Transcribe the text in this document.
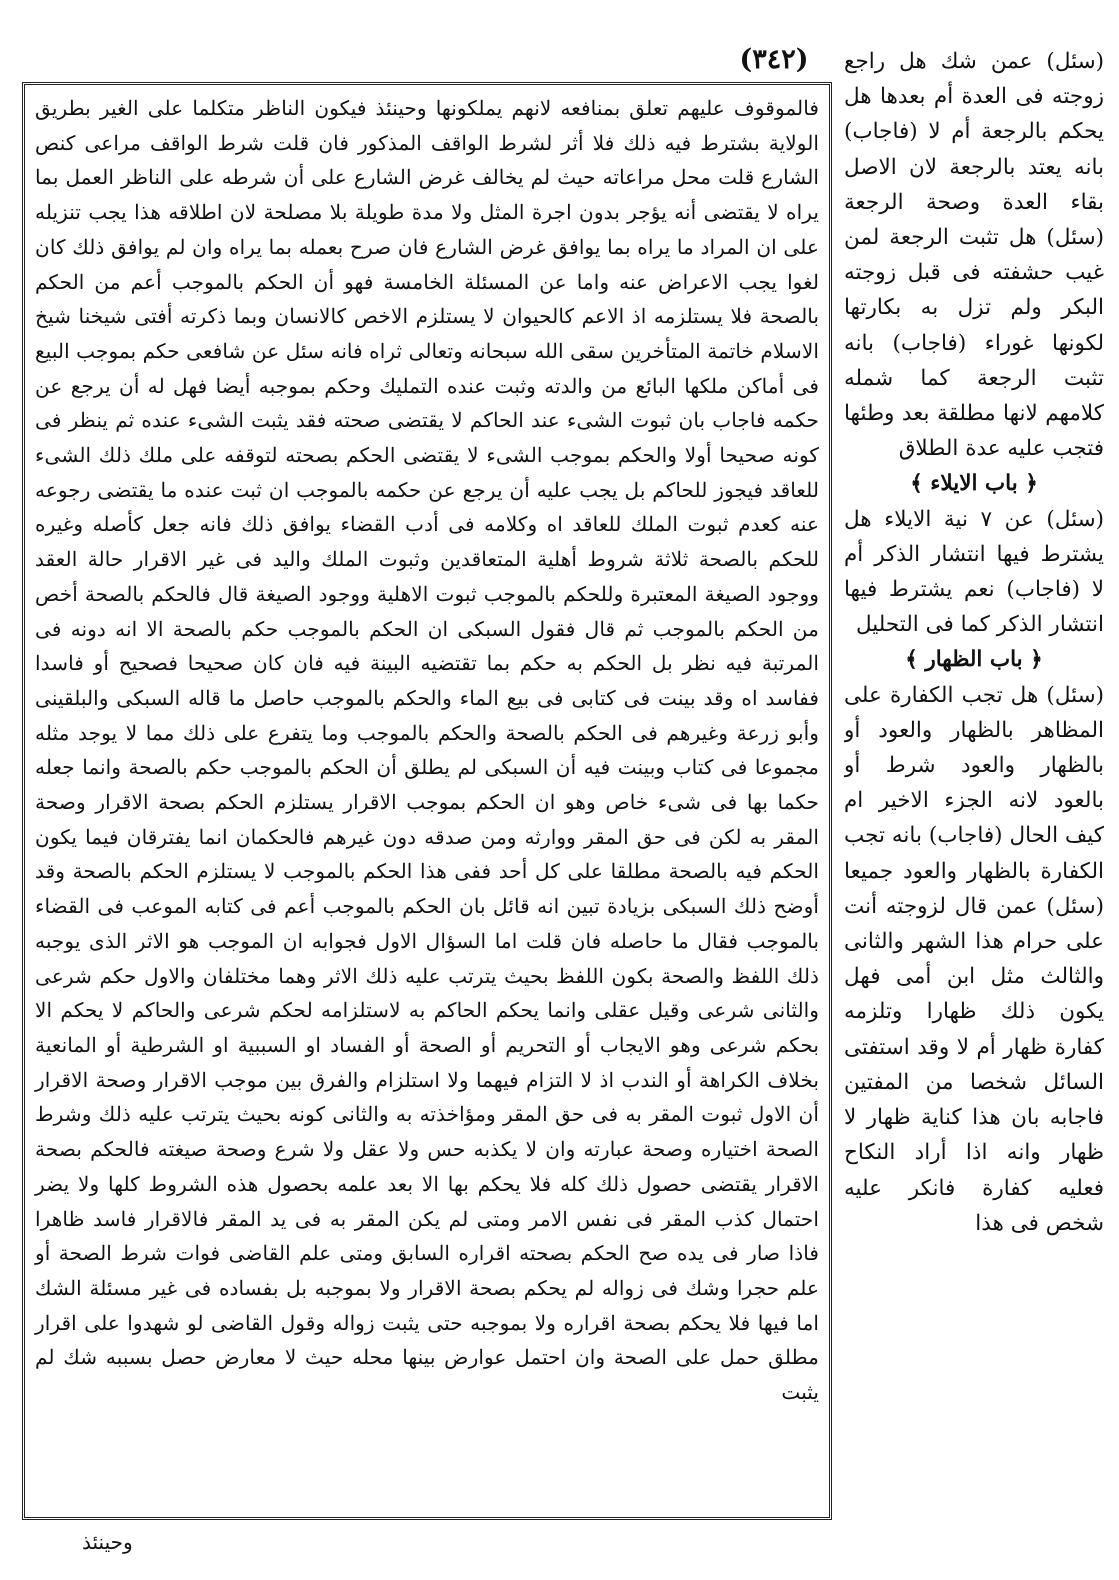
(٣٤٢)

فالموقوف عليهم تعلق بمنافعه لانهم يملكونها وحينئذ فيكون الناظر متكلما على الغير بطريق الولاية بشترط فيه ذلك فلا أثر لشرط الواقف المذكور فان قلت شرط الواقف مراعى كنص الشارع قلت محل مراعاته حيث لم يخالف غرض الشارع على أن شرطه على الناظر العمل بما يراه لا يقتضى أنه يؤجر بدون اجرة المثل ولا مدة طويلة بلا مصلحة لان اطلاقه هذا يجب تنزيله على ان المراد ما يراه بما يوافق غرض الشارع فان صرح بعمله بما يراه وان لم يوافق ذلك كان لغوا يجب الاعراض عنه واما عن المسئلة الخامسة فهو أن الحكم بالموجب أعم من الحكم بالصحة فلا يستلزمه اذ الاعم كالحيوان لا يستلزم الاخص كالانسان وبما ذكرته أفتى شيخنا شيخ الاسلام خاتمة المتأخرين سقى الله سبحانه وتعالى ثراه فانه سئل عن شافعى حكم بموجب البيع فى أماكن ملكها البائع من والدته وثبت عنده التمليك وحكم بموجبه أيضا فهل له أن يرجع عن حكمه فاجاب بان ثبوت الشىء عند الحاكم لا يقتضى صحته فقد يثبت الشىء عنده ثم ينظر فى كونه صحيحا أولا والحكم بموجب الشىء لا يقتضى الحكم بصحته لتوقفه على ملك ذلك الشىء للعاقد فيجوز للحاكم بل يجب عليه أن يرجع عن حكمه بالموجب ان ثبت عنده ما يقتضى رجوعه عنه كعدم ثبوت الملك للعاقد اه وكلامه فى أدب القضاء يوافق ذلك فانه جعل كأصله وغيره للحكم بالصحة ثلاثة شروط أهلية المتعاقدين وثبوت الملك واليد فى غير الاقرار حالة العقد ووجود الصيغة المعتبرة وللحكم بالموجب ثبوت الاهلية ووجود الصيغة قال فالحكم بالصحة أخص من الحكم بالموجب ثم قال فقول السبكى ان الحكم بالموجب حكم بالصحة الا انه دونه فى المرتبة فيه نظر بل الحكم به حكم بما تقتضيه البينة فيه فان كان صحيحا فصحيح أو فاسدا ففاسد اه وقد بينت فى كتابى فى بيع الماء والحكم بالموجب حاصل ما قاله السبكى والبلقينى وأبو زرعة وغيرهم فى الحكم بالصحة والحكم بالموجب وما يتفرع على ذلك مما لا يوجد مثله مجموعا فى كتاب وبينت فيه أن السبكى لم يطلق أن الحكم بالموجب حكم بالصحة وانما جعله حكما بها فى شىء خاص وهو ان الحكم بموجب الاقرار يستلزم الحكم بصحة الاقرار وصحة المقر به لكن فى حق المقر ووارثه ومن صدقه دون غيرهم فالحكمان انما يفترقان فيما يكون الحكم فيه بالصحة مطلقا على كل أحد ففى هذا الحكم بالموجب لا يستلزم الحكم بالصحة وقد أوضح ذلك السبكى بزيادة تبين انه قائل بان الحكم بالموجب أعم فى كتابه الموعب فى القضاء بالموجب فقال ما حاصله فان قلت اما السؤال الاول فجوابه ان الموجب هو الاثر الذى يوجبه ذلك اللفظ والصحة بكون اللفظ بحيث يترتب عليه ذلك الاثر وهما مختلفان والاول حكم شرعى والثانى شرعى وقيل عقلى وانما يحكم الحاكم به لاستلزامه لحكم شرعى والحاكم لا يحكم الا بحكم شرعى وهو الايجاب أو التحريم أو الصحة أو الفساد او السببية او الشرطية أو المانعية بخلاف الكراهة أو الندب اذ لا التزام فيهما ولا استلزام والفرق بين موجب الاقرار وصحة الاقرار أن الاول ثبوت المقر به فى حق المقر ومؤاخذته به والثانى كونه بحيث يترتب عليه ذلك وشرط الصحة اختياره وصحة عبارته وان لا يكذبه حس ولا عقل ولا شرع وصحة صيغته فالحكم بصحة الاقرار يقتضى حصول ذلك كله فلا يحكم بها الا بعد علمه بحصول هذه الشروط كلها ولا يضر احتمال كذب المقر فى نفس الامر ومتى لم يكن المقر به فى يد المقر فالاقرار فاسد ظاهرا فاذا صار فى يده صح الحكم بصحته اقراره السابق ومتى علم القاضى فوات شرط الصحة أو علم حجرا وشك فى زواله لم يحكم بصحة الاقرار ولا بموجبه بل بفساده فى غير مسئلة الشك اما فيها فلا يحكم بصحة اقراره ولا بموجبه حتى يثبت زواله وقول القاضى لو شهدوا على اقرار مطلق حمل على الصحة وان احتمل عوارض بينها محله حيث لا معارض حصل بسببه شك لم يثبت

(سئل) عمن شك هل راجع زوجته فى العدة أم بعدها هل يحكم بالرجعة أم لا (فاجاب) بانه يعتد بالرجعة لان الاصل بقاء العدة وصحة الرجعة (سئل) هل تثبت الرجعة لمن غيب حشفته فى قبل زوجته البكر ولم تزل به بكارتها لكونها غوراء (فاجاب) بانه تثبت الرجعة كما شمله كلامهم لانها مطلقة بعد وطئها فتجب عليه عدة الطلاق

﴿ باب الايلاء ﴾

(سئل) عن ٧ نية الايلاء هل يشترط فيها انتشار الذكر أم لا (فاجاب) نعم يشترط فيها انتشار الذكر كما فى التحليل

﴿ باب الظهار ﴾

(سئل) هل تجب الكفارة على المظاهر بالظهار والعود أو بالظهار والعود شرط أو بالعود لانه الجزء الاخير ام كيف الحال (فاجاب) بانه تجب الكفارة بالظهار والعود جميعا (سئل) عمن قال لزوجته أنت على حرام هذا الشهر والثانى والثالث مثل ابن أمى فهل يكون ذلك ظهارا وتلزمه كفارة ظهار أم لا وقد استفتى السائل شخصا من المفتين فاجابه بان هذا كناية ظهار لا ظهار وانه اذا أراد النكاح فعليه كفارة فانكر عليه شخص فى هذا

وحينئذ
